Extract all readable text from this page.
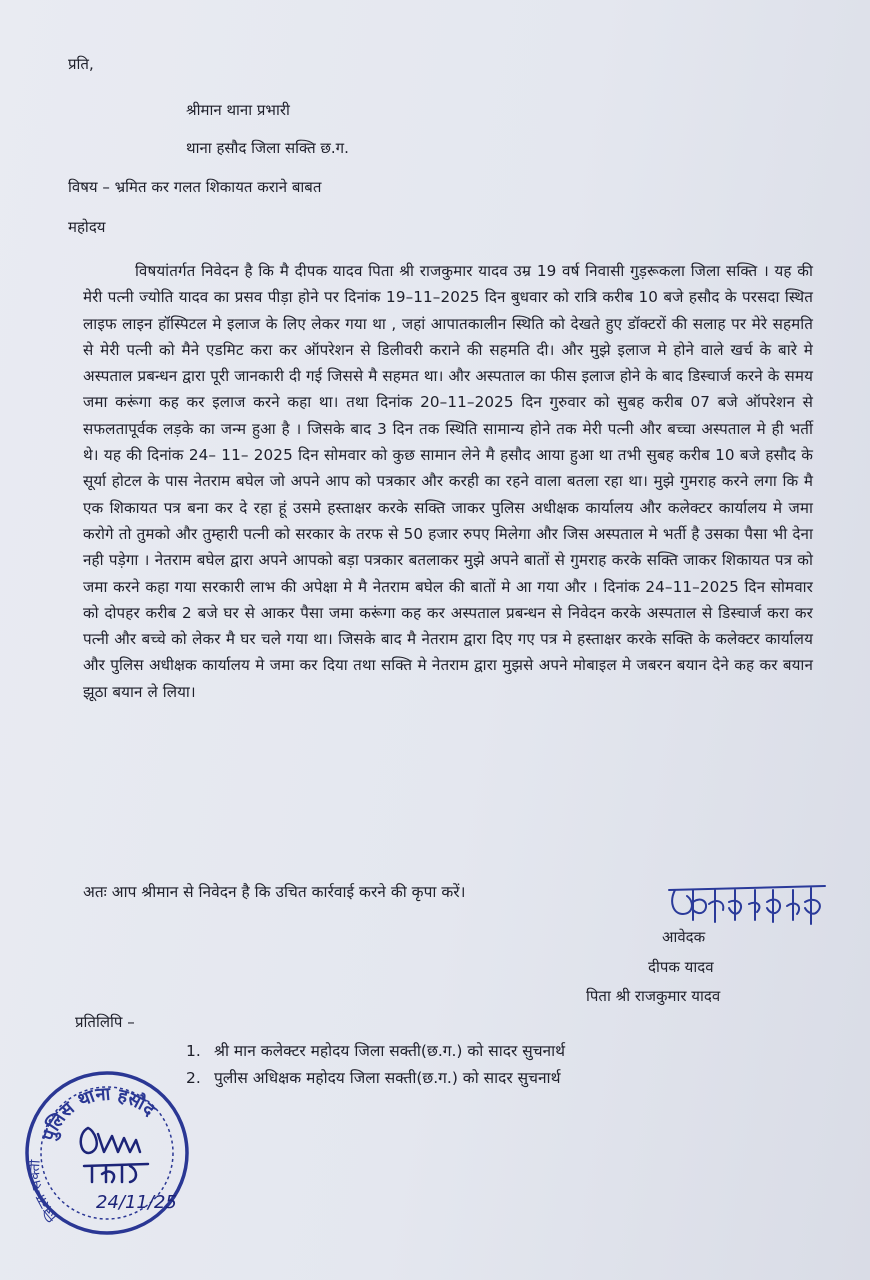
प्रति,
श्रीमान थाना प्रभारी
थाना हसौद जिला सक्ति छ.ग.
विषय – भ्रमित कर गलत शिकायत कराने बाबत
महोदय
विषयांतर्गत निवेदन है कि मै दीपक यादव पिता श्री राजकुमार यादव उम्र 19 वर्ष निवासी गुड़रूकला जिला सक्ति । यह की मेरी पत्नी ज्योति यादव का प्रसव पीड़ा होने पर दिनांक 19–11–2025 दिन बुधवार को रात्रि करीब 10 बजे हसौद के परसदा स्थित लाइफ लाइन हॉस्पिटल मे इलाज के लिए लेकर गया था , जहां आपातकालीन स्थिति को देखते हुए डॉक्टरों की सलाह पर मेरे सहमति से मेरी पत्नी को मैने एडमिट करा कर ऑपरेशन से डिलीवरी कराने की सहमति दी। और मुझे इलाज मे होने वाले खर्च के बारे मे अस्पताल प्रबन्धन द्वारा पूरी जानकारी दी गई जिससे मै सहमत था। और अस्पताल का फीस इलाज होने के बाद डिस्चार्ज करने के समय जमा करूंगा कह कर इलाज करने कहा था। तथा दिनांक 20–11–2025 दिन गुरुवार को सुबह करीब 07 बजे ऑपरेशन से सफलतापूर्वक लड़के का जन्म हुआ है । जिसके बाद 3 दिन तक स्थिति सामान्य होने तक मेरी पत्नी और बच्चा अस्पताल मे ही भर्ती थे। यह की दिनांक 24– 11– 2025 दिन सोमवार को कुछ सामान लेने मै हसौद आया हुआ था तभी सुबह करीब 10 बजे हसौद के सूर्या होटल के पास नेतराम बघेल जो अपने आप को पत्रकार और करही का रहने वाला बतला रहा था। मुझे गुमराह करने लगा कि मै एक शिकायत पत्र बना कर दे रहा हूं उसमे हस्ताक्षर करके सक्ति जाकर पुलिस अधीक्षक कार्यालय और कलेक्टर कार्यालय मे जमा करोगे तो तुमको और तुम्हारी पत्नी को सरकार के तरफ से 50 हजार रुपए मिलेगा और जिस अस्पताल मे भर्ती है उसका पैसा भी देना नही पड़ेगा । नेतराम बघेल द्वारा अपने आपको बड़ा पत्रकार बतलाकर मुझे अपने बातों से गुमराह करके सक्ति जाकर शिकायत पत्र को जमा करने कहा गया सरकारी लाभ की अपेक्षा मे मै नेतराम बघेल की बातों मे आ गया और । दिनांक 24–11–2025 दिन सोमवार को दोपहर करीब 2 बजे घर से आकर पैसा जमा करूंगा कह कर अस्पताल प्रबन्धन से निवेदन करके अस्पताल से डिस्चार्ज करा कर पत्नी और बच्चे को लेकर मै घर चले गया था। जिसके बाद मै नेतराम द्वारा दिए गए पत्र मे हस्ताक्षर करके सक्ति के कलेक्टर कार्यालय और पुलिस अधीक्षक कार्यालय मे जमा कर दिया तथा सक्ति मे नेतराम द्वारा मुझसे अपने मोबाइल मे जबरन बयान देने कह कर बयान झूठा बयान ले लिया।
अतः आप श्रीमान से निवेदन है कि उचित कार्रवाई करने की कृपा करें।
आवेदक
दीपक यादव
पिता श्री राजकुमार यादव
प्रतिलिपि –
1. श्री मान कलेक्टर महोदय जिला सक्ती(छ.ग.) को सादर सुचनार्थ
2. पुलीस अधिक्षक महोदय जिला सक्ती(छ.ग.) को सादर सुचनार्थ
पुलिस थाना हसौद
जिला-सक्ती
24/11/25
